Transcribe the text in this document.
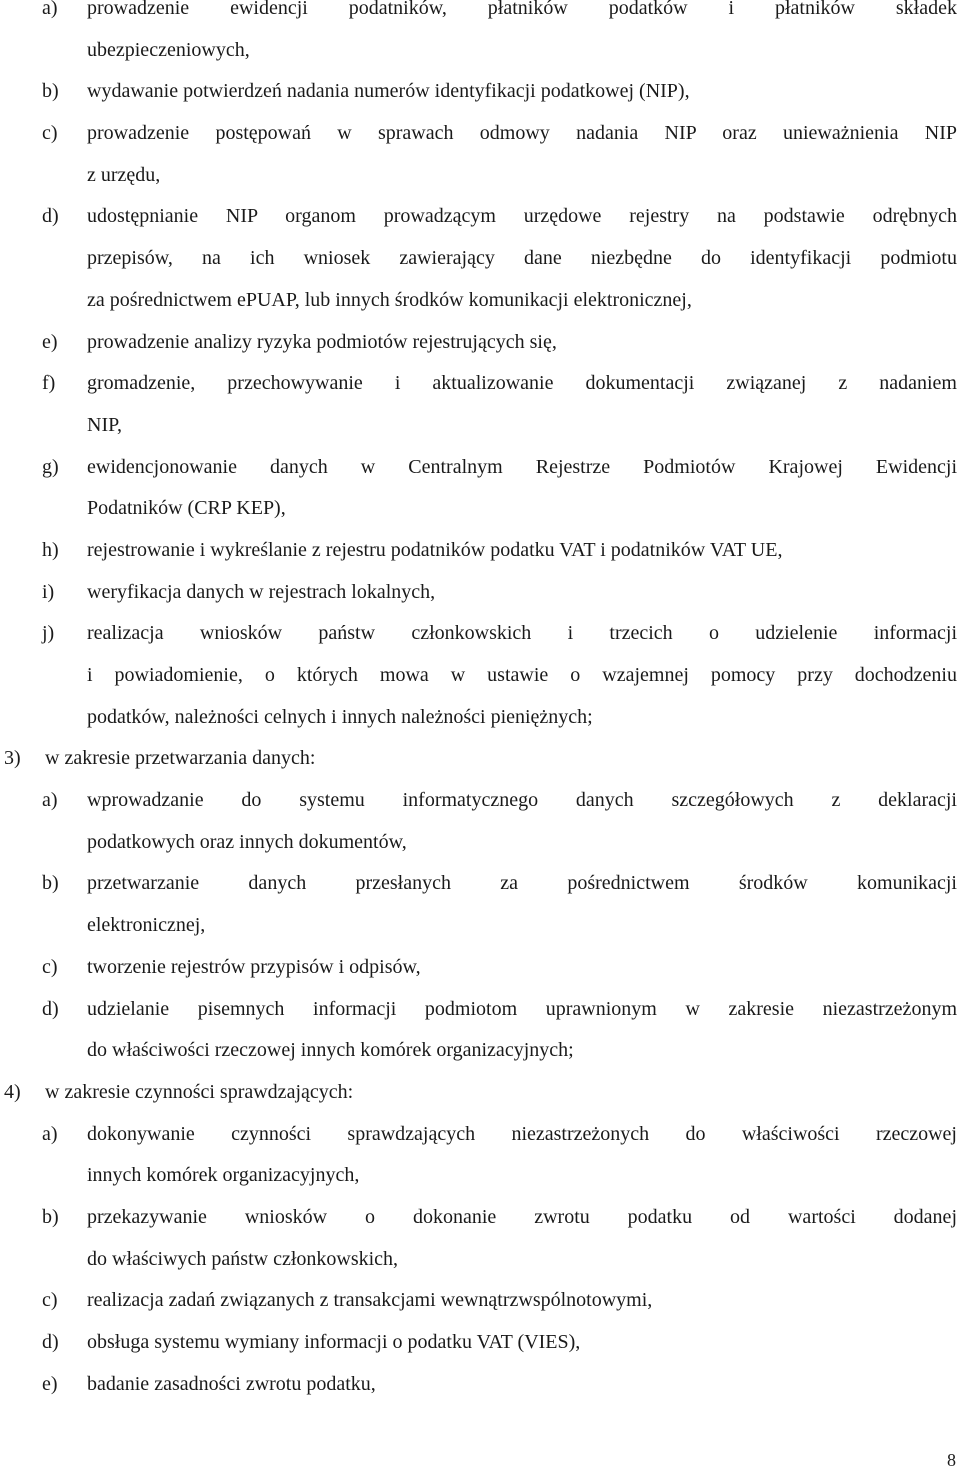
a) prowadzenie ewidencji podatników, płatników podatków i płatników składek
ubezpieczeniowych,
b) wydawanie potwierdzeń nadania numerów identyfikacji podatkowej (NIP),
c) prowadzenie postępowań w sprawach odmowy nadania NIP oraz unieważnienia NIP
z urzędu,
d) udostępnianie NIP organom prowadzącym urzędowe rejestry na podstawie odrębnych
przepisów, na ich wniosek zawierający dane niezbędne do identyfikacji podmiotu
za pośrednictwem ePUAP, lub innych środków komunikacji elektronicznej,
e) prowadzenie analizy ryzyka podmiotów rejestrujących się,
f) gromadzenie, przechowywanie i aktualizowanie dokumentacji związanej z nadaniem
NIP,
g) ewidencjonowanie danych w Centralnym Rejestrze Podmiotów Krajowej Ewidencji
Podatników (CRP KEP),
h) rejestrowanie i wykreślanie z rejestru podatników podatku VAT i podatników VAT UE,
i) weryfikacja danych w rejestrach lokalnych,
j) realizacja wniosków państw członkowskich i trzecich o udzielenie informacji
i powiadomienie, o których mowa w ustawie o wzajemnej pomocy przy dochodzeniu
podatków, należności celnych i innych należności pieniężnych;
3) w zakresie przetwarzania danych:
a) wprowadzanie do systemu informatycznego danych szczegółowych z deklaracji
podatkowych oraz innych dokumentów,
b) przetwarzanie danych przesłanych za pośrednictwem środków komunikacji
elektronicznej,
c) tworzenie rejestrów przypisów i odpisów,
d) udzielanie pisemnych informacji podmiotom uprawnionym w zakresie niezastrzeżonym
do właściwości rzeczowej innych komórek organizacyjnych;
4) w zakresie czynności sprawdzających:
a) dokonywanie czynności sprawdzających niezastrzeżonych do właściwości rzeczowej
innych komórek organizacyjnych,
b) przekazywanie wniosków o dokonanie zwrotu podatku od wartości dodanej
do właściwych państw członkowskich,
c) realizacja zadań związanych z transakcjami wewnątrzwspólnotowymi,
d) obsługa systemu wymiany informacji o podatku VAT (VIES),
e) badanie zasadności zwrotu podatku,
8
